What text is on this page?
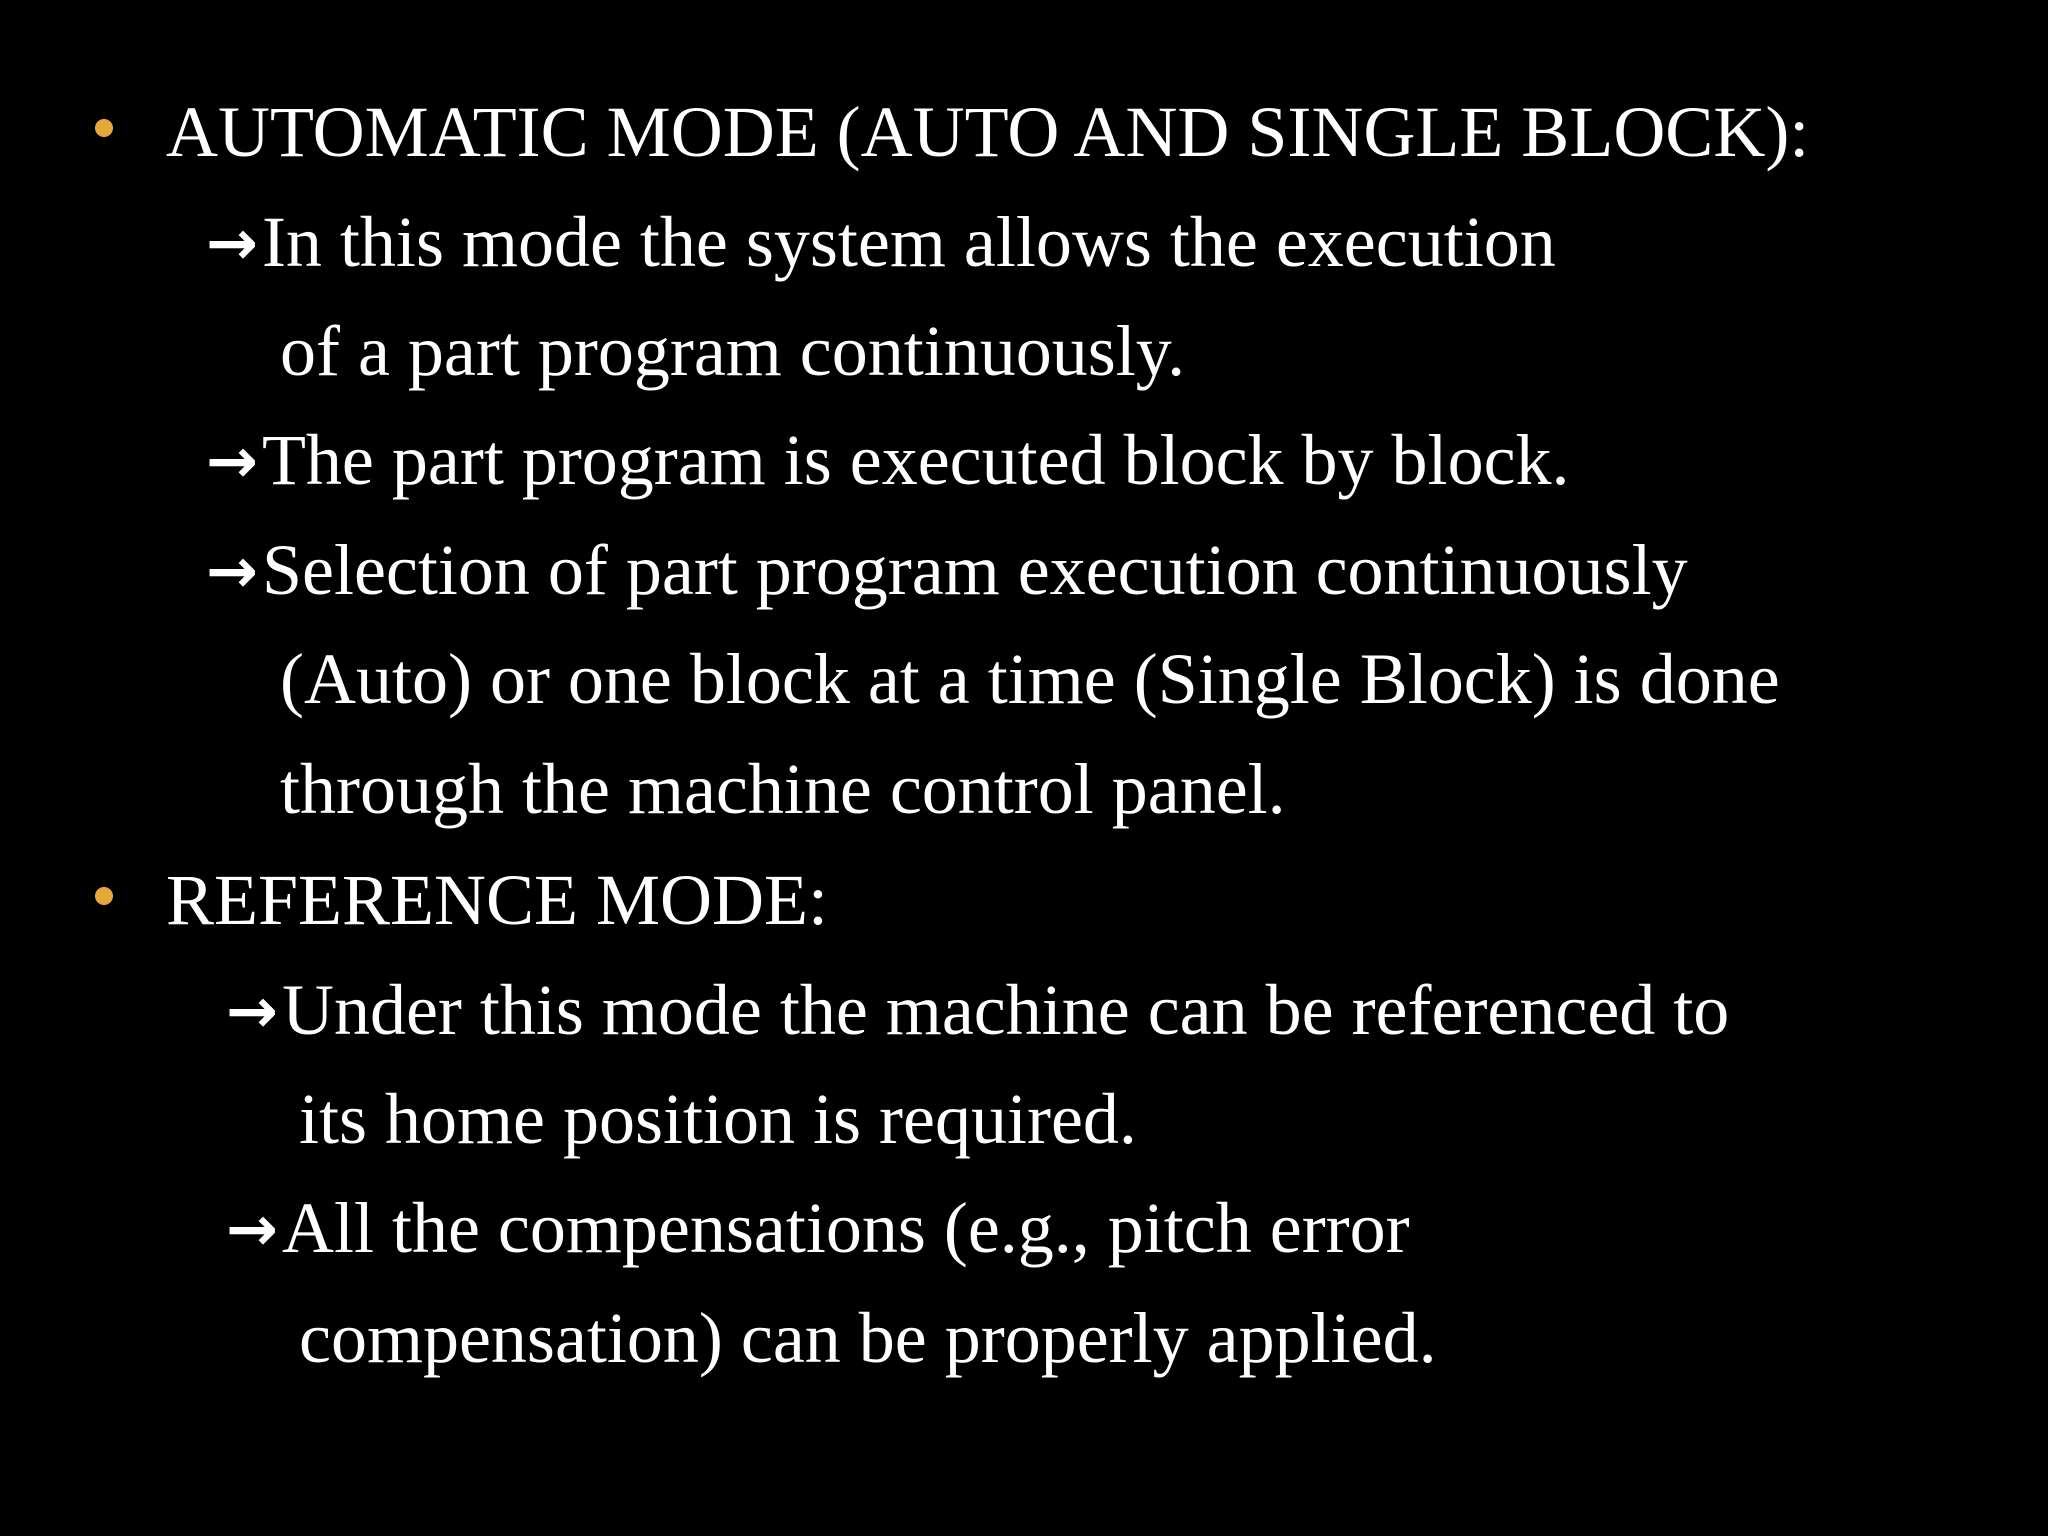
AUTOMATIC MODE (AUTO AND SINGLE BLOCK):
→In this mode the system allows the execution
of a part program continuously.
→The part program is executed block by block.
→Selection of part program execution continuously
(Auto) or one block at a time (Single Block) is done
through the machine control panel.
REFERENCE MODE:
→Under this mode the machine can be referenced to
its home position is required.
→All the compensations (e.g., pitch error
compensation) can be properly applied.
